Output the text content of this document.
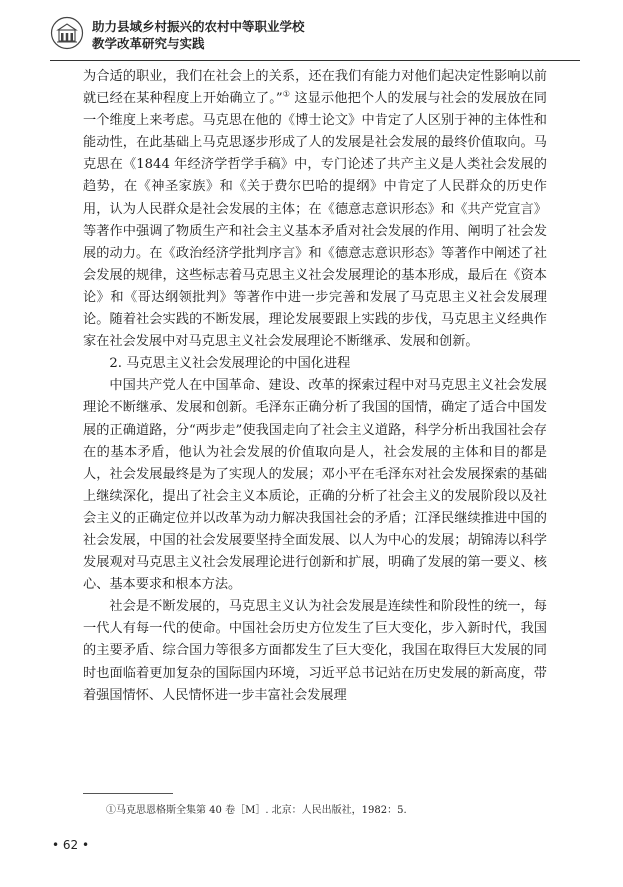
助力县域乡村振兴的农村中等职业学校
教学改革研究与实践

为合适的职业，我们在社会上的关系，还在我们有能力对他们起决定性影响以前就已经在某种程度上开始确立了。”① 这显示他把个人的发展与社会的发展放在同一个维度上来考虑。马克思在他的《博士论文》中肯定了人区别于神的主体性和能动性，在此基础上马克思逐步形成了人的发展是社会发展的最终价值取向。马克思在《1844 年经济学哲学手稿》中，专门论述了共产主义是人类社会发展的趋势，在《神圣家族》和《关于费尔巴哈的提纲》中肯定了人民群众的历史作用，认为人民群众是社会发展的主体；在《德意志意识形态》和《共产党宣言》等著作中强调了物质生产和社会主义基本矛盾对社会发展的作用、阐明了社会发展的动力。在《政治经济学批判序言》和《德意志意识形态》等著作中阐述了社会发展的规律，这些标志着马克思主义社会发展理论的基本形成，最后在《资本论》和《哥达纲领批判》等著作中进一步完善和发展了马克思主义社会发展理论。随着社会实践的不断发展，理论发展要跟上实践的步伐，马克思主义经典作家在社会发展中对马克思主义社会发展理论不断继承、发展和创新。

2. 马克思主义社会发展理论的中国化进程

中国共产党人在中国革命、建设、改革的探索过程中对马克思主义社会发展理论不断继承、发展和创新。毛泽东正确分析了我国的国情，确定了适合中国发展的正确道路，分“两步走”使我国走向了社会主义道路，科学分析出我国社会存在的基本矛盾，他认为社会发展的价值取向是人，社会发展的主体和目的都是人，社会发展最终是为了实现人的发展；邓小平在毛泽东对社会发展探索的基础上继续深化，提出了社会主义本质论，正确的分析了社会主义的发展阶段以及社会主义的正确定位并以改革为动力解决我国社会的矛盾；江泽民继续推进中国的社会发展，中国的社会发展要坚持全面发展、以人为中心的发展；胡锦涛以科学发展观对马克思主义社会发展理论进行创新和扩展，明确了发展的第一要义、核心、基本要求和根本方法。

社会是不断发展的，马克思主义认为社会发展是连续性和阶段性的统一，每一代人有每一代的使命。中国社会历史方位发生了巨大变化，步入新时代，我国的主要矛盾、综合国力等很多方面都发生了巨大变化，我国在取得巨大发展的同时也面临着更加复杂的国际国内环境，习近平总书记站在历史发展的新高度，带着强国情怀、人民情怀进一步丰富社会发展理

①马克思恩格斯全集第 40 卷［M］. 北京：人民出版社，1982：5.
• 62 •
